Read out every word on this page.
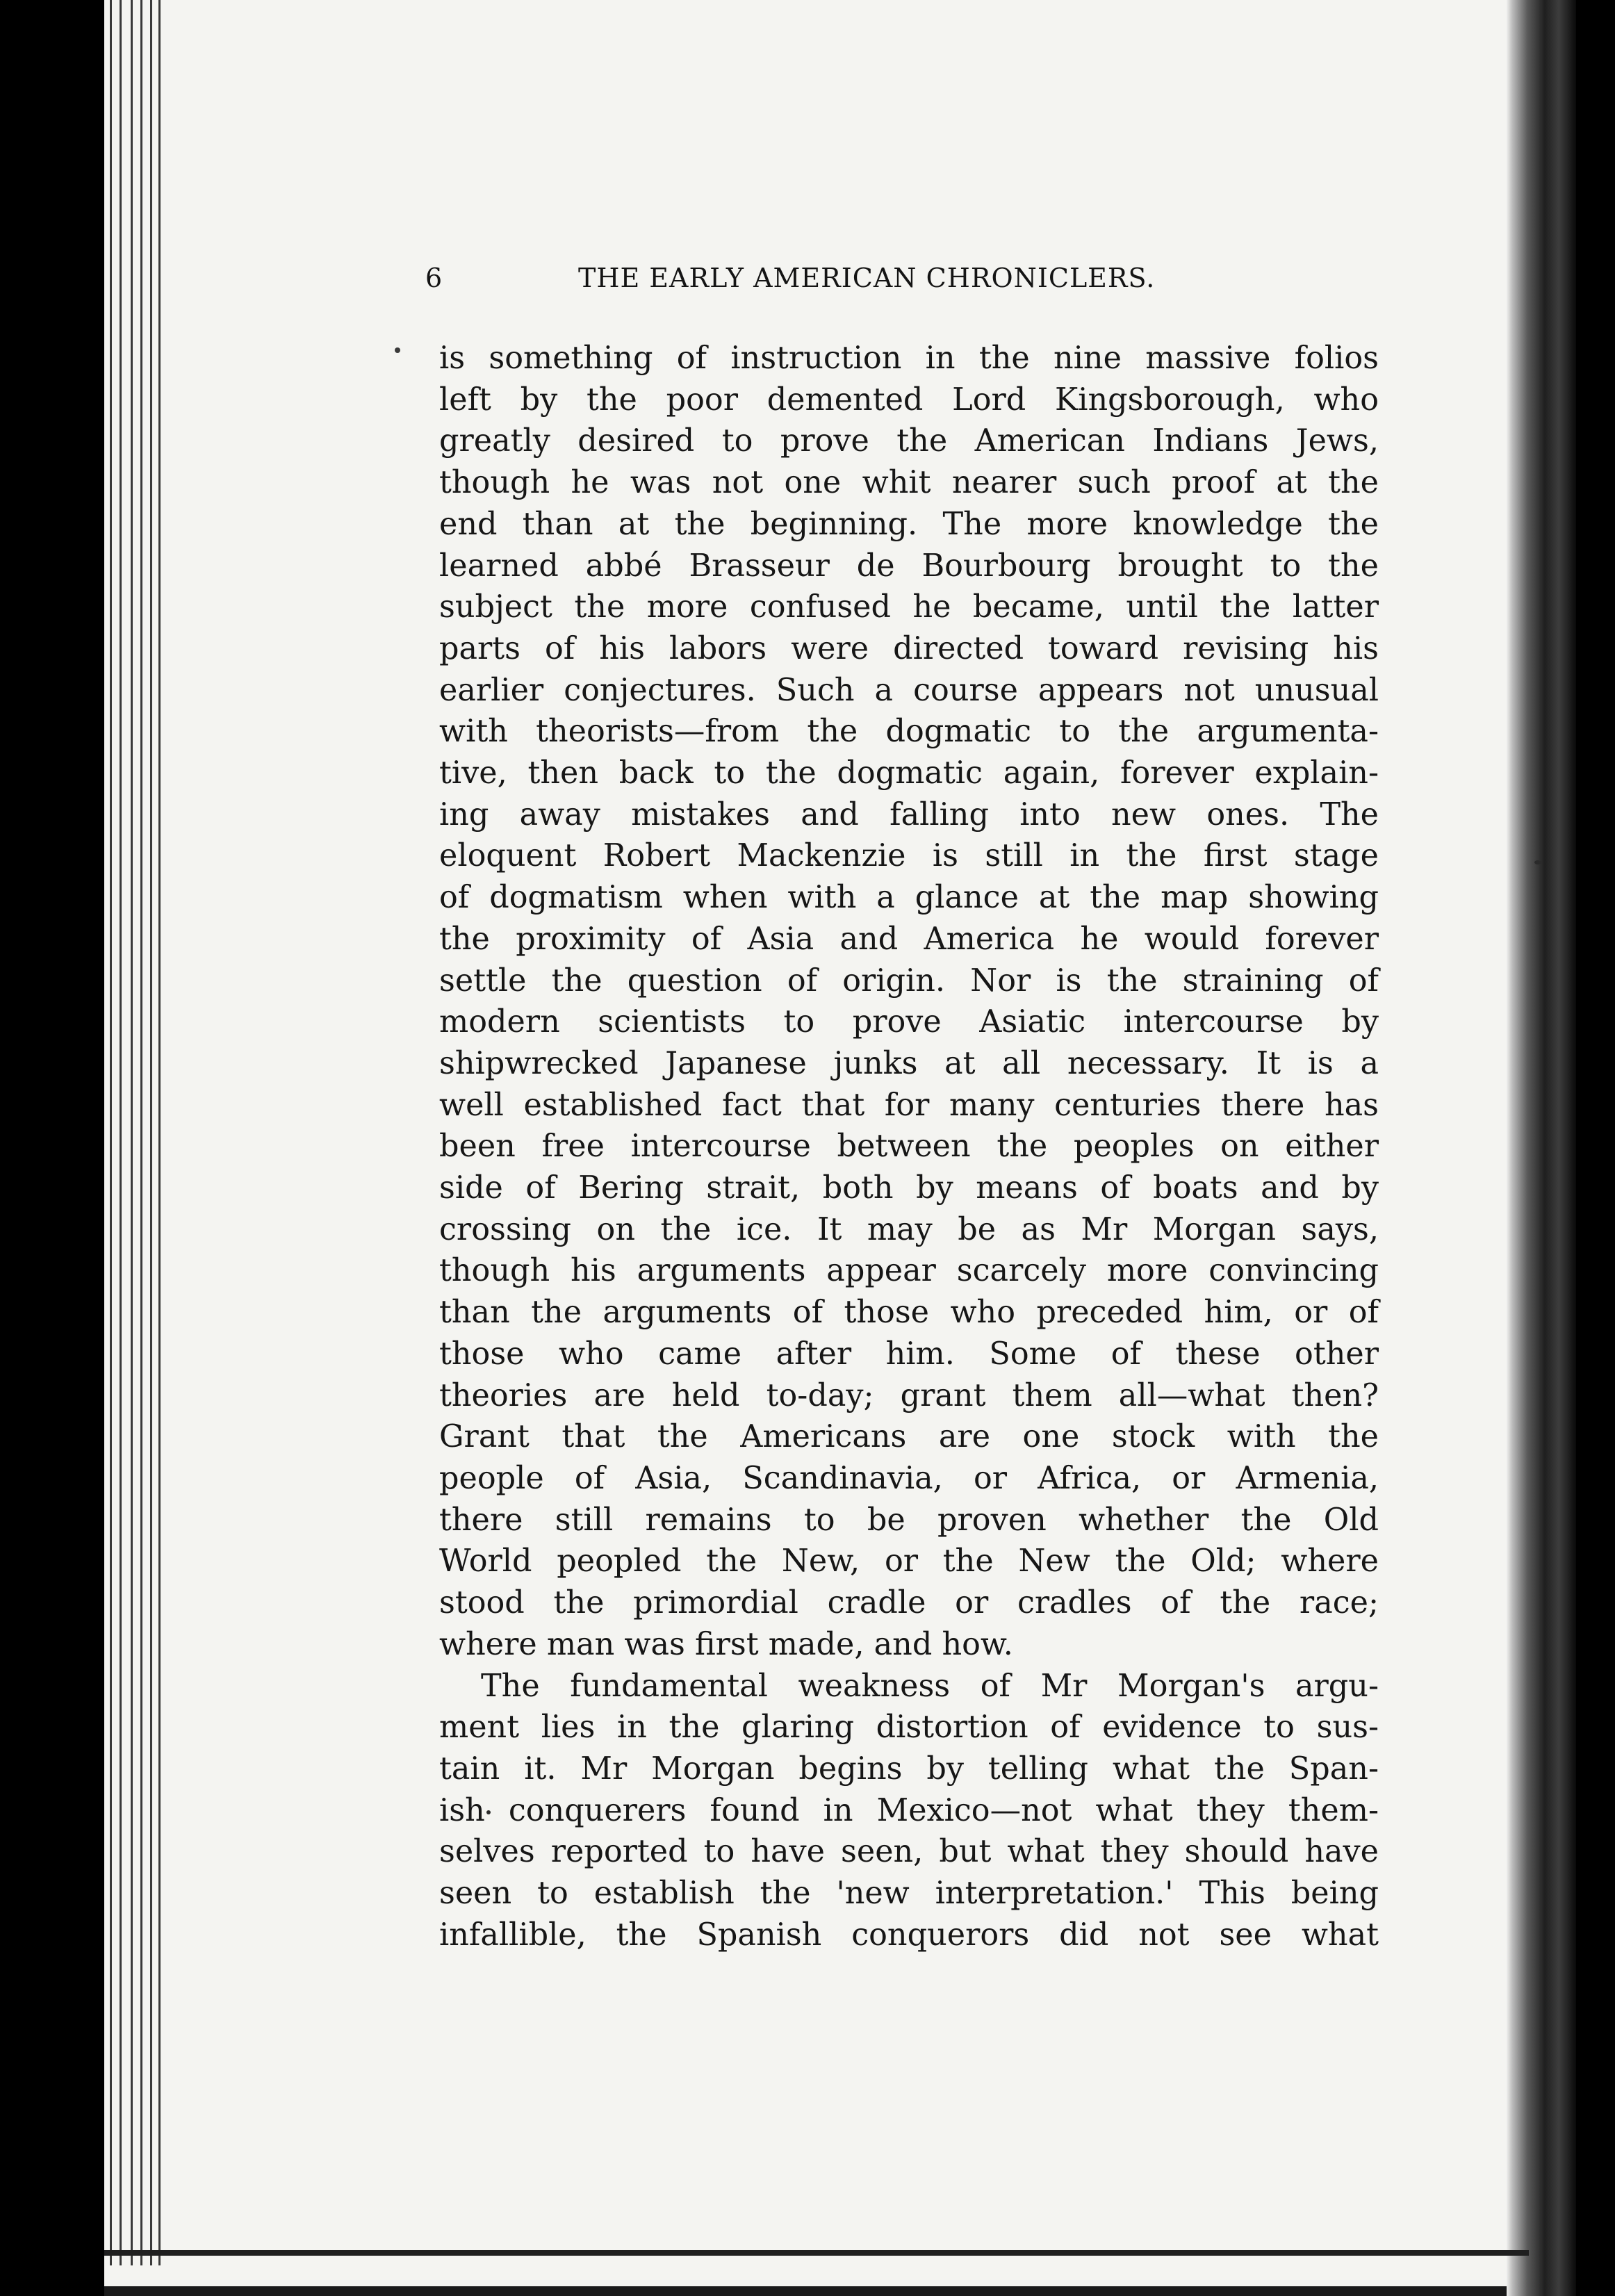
6	THE EARLY AMERICAN CHRONICLERS.
is something of instruction in the nine massive folios
left by the poor demented Lord Kingsborough, who
greatly desired to prove the American Indians Jews,
though he was not one whit nearer such proof at the
end than at the beginning. The more knowledge the
learned abbé Brasseur de Bourbourg brought to the
subject the more confused he became, until the latter
parts of his labors were directed toward revising his
earlier conjectures. Such a course appears not unusual
with theorists—from the dogmatic to the argumenta-
tive, then back to the dogmatic again, forever explain-
ing away mistakes and falling into new ones. The
eloquent Robert Mackenzie is still in the first stage
of dogmatism when with a glance at the map showing
the proximity of Asia and America he would forever
settle the question of origin. Nor is the straining of
modern scientists to prove Asiatic intercourse by
shipwrecked Japanese junks at all necessary. It is a
well established fact that for many centuries there has
been free intercourse between the peoples on either
side of Bering strait, both by means of boats and by
crossing on the ice. It may be as Mr Morgan says,
though his arguments appear scarcely more convincing
than the arguments of those who preceded him, or of
those who came after him. Some of these other
theories are held to-day; grant them all—what then?
Grant that the Americans are one stock with the
people of Asia, Scandinavia, or Africa, or Armenia,
there still remains to be proven whether the Old
World peopled the New, or the New the Old; where
stood the primordial cradle or cradles of the race;
where man was first made, and how.
The fundamental weakness of Mr Morgan's argu-
ment lies in the glaring distortion of evidence to sus-
tain it. Mr Morgan begins by telling what the Span-
ish conquerers found in Mexico—not what they them-
selves reported to have seen, but what they should have
seen to establish the 'new interpretation.' This being
infallible, the Spanish conquerors did not see what
